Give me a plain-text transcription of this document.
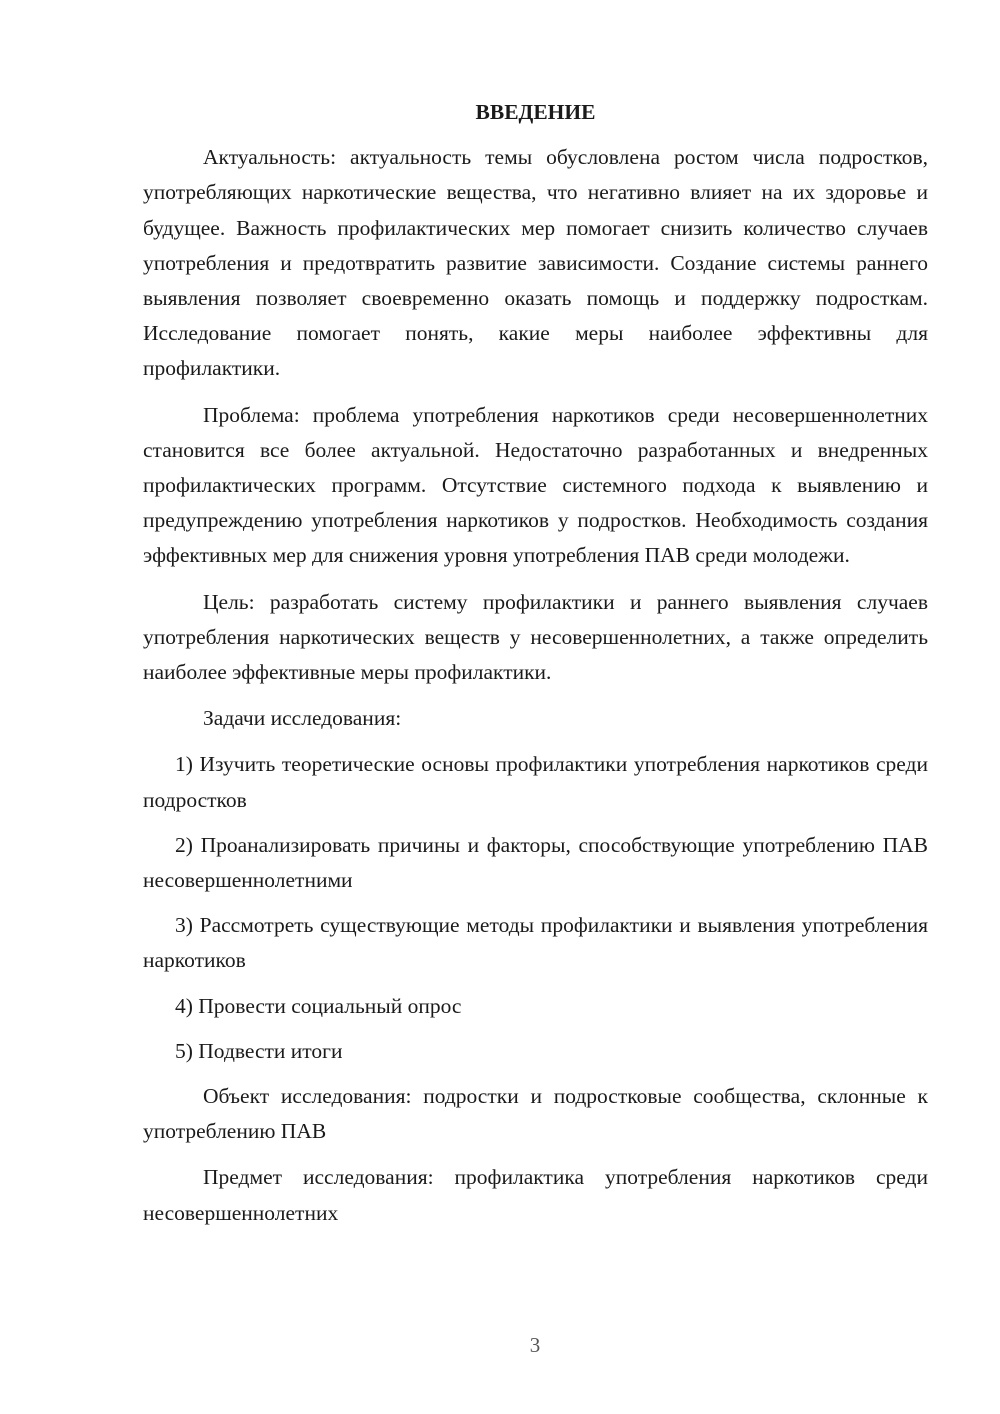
ВВЕДЕНИЕ

Актуальность: актуальность темы обусловлена ростом числа подростков, употребляющих наркотические вещества, что негативно влияет на их здоровье и будущее. Важность профилактических мер помогает снизить количество случаев употребления и предотвратить развитие зависимости. Создание системы раннего выявления позволяет своевременно оказать помощь и поддержку подросткам. Исследование помогает понять, какие меры наиболее эффективны для профилактики.

Проблема: проблема употребления наркотиков среди несовершеннолетних становится все более актуальной. Недостаточно разработанных и внедренных профилактических программ. Отсутствие системного подхода к выявлению и предупреждению употребления наркотиков у подростков. Необходимость создания эффективных мер для снижения уровня употребления ПАВ среди молодежи.

Цель: разработать систему профилактики и раннего выявления случаев употребления наркотических веществ у несовершеннолетних, а также определить наиболее эффективные меры профилактики.

Задачи исследования:

1) Изучить теоретические основы профилактики употребления наркотиков среди подростков

2) Проанализировать причины и факторы, способствующие употреблению ПАВ несовершеннолетними

3) Рассмотреть существующие методы профилактики и выявления употребления наркотиков

4) Провести социальный опрос

5) Подвести итоги

Объект исследования: подростки и подростковые сообщества, склонные к употреблению ПАВ

Предмет исследования: профилактика употребления наркотиков среди несовершеннолетних

3
